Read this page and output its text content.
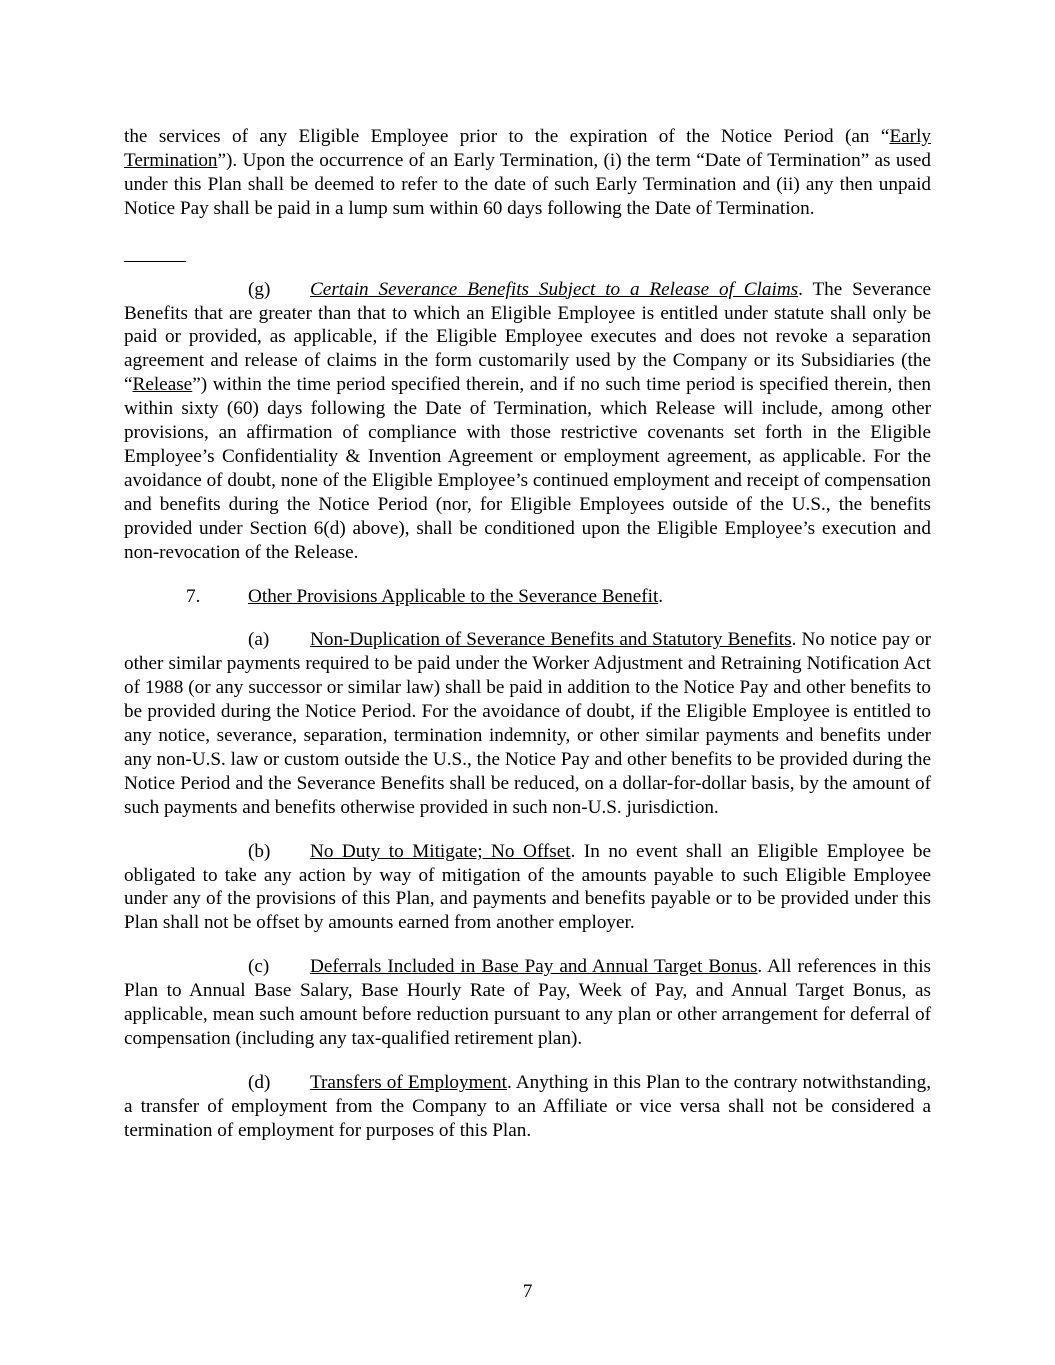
the services of any Eligible Employee prior to the expiration of the Notice Period (an “Early Termination”). Upon the occurrence of an Early Termination, (i) the term “Date of Termination” as used under this Plan shall be deemed to refer to the date of such Early Termination and (ii) any then unpaid Notice Pay shall be paid in a lump sum within 60 days following the Date of Termination.

(g) Certain Severance Benefits Subject to a Release of Claims. The Severance Benefits that are greater than that to which an Eligible Employee is entitled under statute shall only be paid or provided, as applicable, if the Eligible Employee executes and does not revoke a separation agreement and release of claims in the form customarily used by the Company or its Subsidiaries (the “Release”) within the time period specified therein, and if no such time period is specified therein, then within sixty (60) days following the Date of Termination, which Release will include, among other provisions, an affirmation of compliance with those restrictive covenants set forth in the Eligible Employee’s Confidentiality & Invention Agreement or employment agreement, as applicable. For the avoidance of doubt, none of the Eligible Employee’s continued employment and receipt of compensation and benefits during the Notice Period (nor, for Eligible Employees outside of the U.S., the benefits provided under Section 6(d) above), shall be conditioned upon the Eligible Employee’s execution and non-revocation of the Release.

7. Other Provisions Applicable to the Severance Benefit.

(a) Non-Duplication of Severance Benefits and Statutory Benefits. No notice pay or other similar payments required to be paid under the Worker Adjustment and Retraining Notification Act of 1988 (or any successor or similar law) shall be paid in addition to the Notice Pay and other benefits to be provided during the Notice Period. For the avoidance of doubt, if the Eligible Employee is entitled to any notice, severance, separation, termination indemnity, or other similar payments and benefits under any non-U.S. law or custom outside the U.S., the Notice Pay and other benefits to be provided during the Notice Period and the Severance Benefits shall be reduced, on a dollar-for-dollar basis, by the amount of such payments and benefits otherwise provided in such non-U.S. jurisdiction.

(b) No Duty to Mitigate; No Offset. In no event shall an Eligible Employee be obligated to take any action by way of mitigation of the amounts payable to such Eligible Employee under any of the provisions of this Plan, and payments and benefits payable or to be provided under this Plan shall not be offset by amounts earned from another employer.

(c) Deferrals Included in Base Pay and Annual Target Bonus. All references in this Plan to Annual Base Salary, Base Hourly Rate of Pay, Week of Pay, and Annual Target Bonus, as applicable, mean such amount before reduction pursuant to any plan or other arrangement for deferral of compensation (including any tax-qualified retirement plan).

(d) Transfers of Employment. Anything in this Plan to the contrary notwithstanding, a transfer of employment from the Company to an Affiliate or vice versa shall not be considered a termination of employment for purposes of this Plan.

7
